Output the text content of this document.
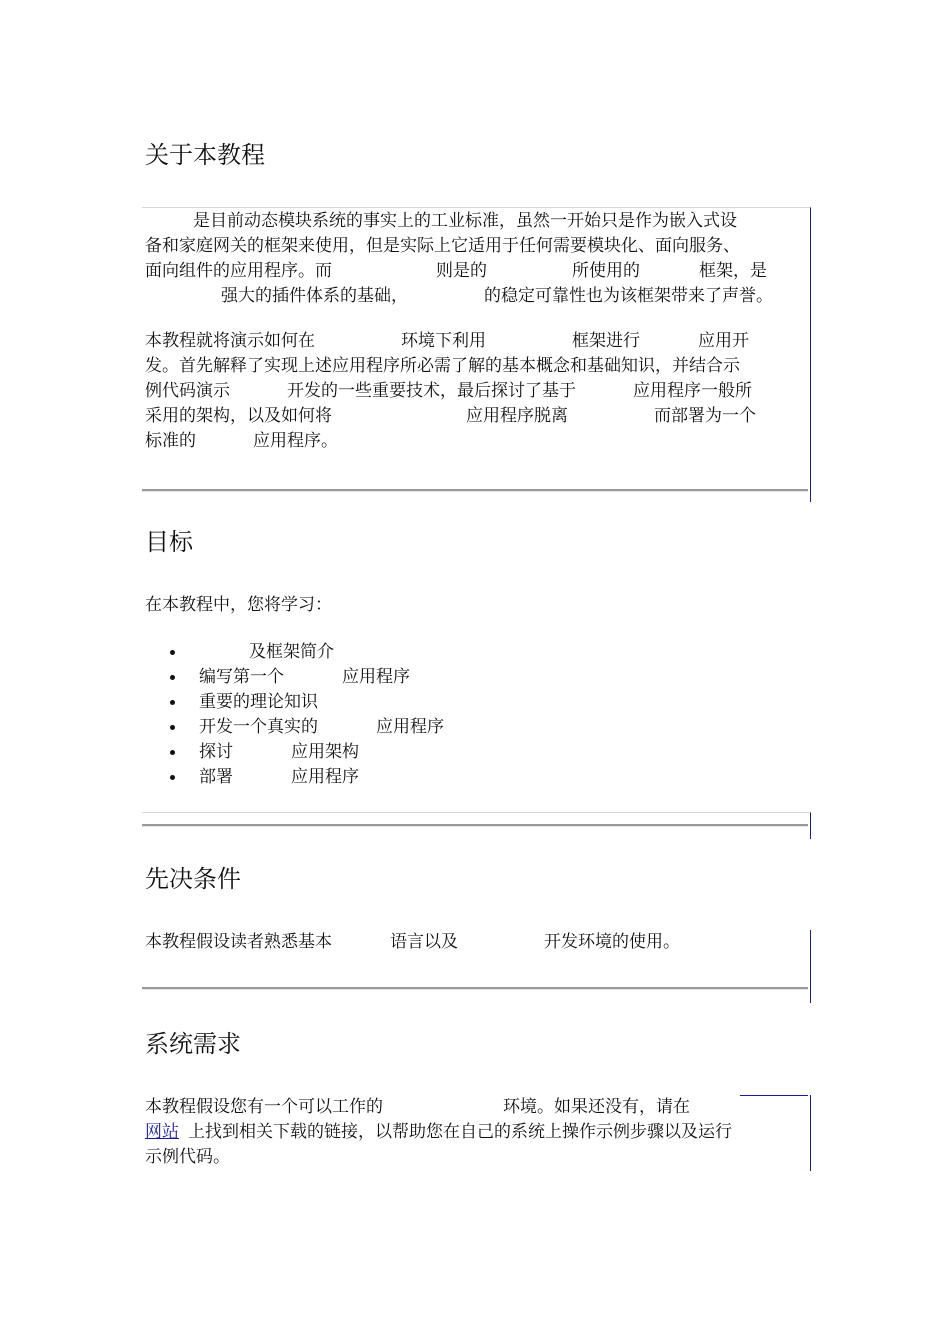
关于本教程

是目前动态模块系统的事实上的工业标准，虽然一开始只是作为嵌入式设
备和家庭网关的框架来使用，但是实际上它适用于任何需要模块化、面向服务、
面向组件的应用程序。而	则是的	所使用的	框架，是
强大的插件体系的基础，	的稳定可靠性也为该框架带来了声誉。

本教程就将演示如何在	环境下利用	框架进行	应用开
发。首先解释了实现上述应用程序所必需了解的基本概念和基础知识，并结合示
例代码演示	开发的一些重要技术，最后探讨了基于	应用程序一般所
采用的架构，以及如何将	应用程序脱离	而部署为一个
标准的	应用程序。

目标

在本教程中，您将学习：

及框架简介
编写第一个	应用程序
重要的理论知识
开发一个真实的	应用程序
探讨	应用架构
部署	应用程序
先决条件

本教程假设读者熟悉基本	语言以及	开发环境的使用。

系统需求

本教程假设您有一个可以工作的	环境。如果还没有，请在
网站 上找到相关下载的链接，以帮助您在自己的系统上操作示例步骤以及运行
示例代码。
